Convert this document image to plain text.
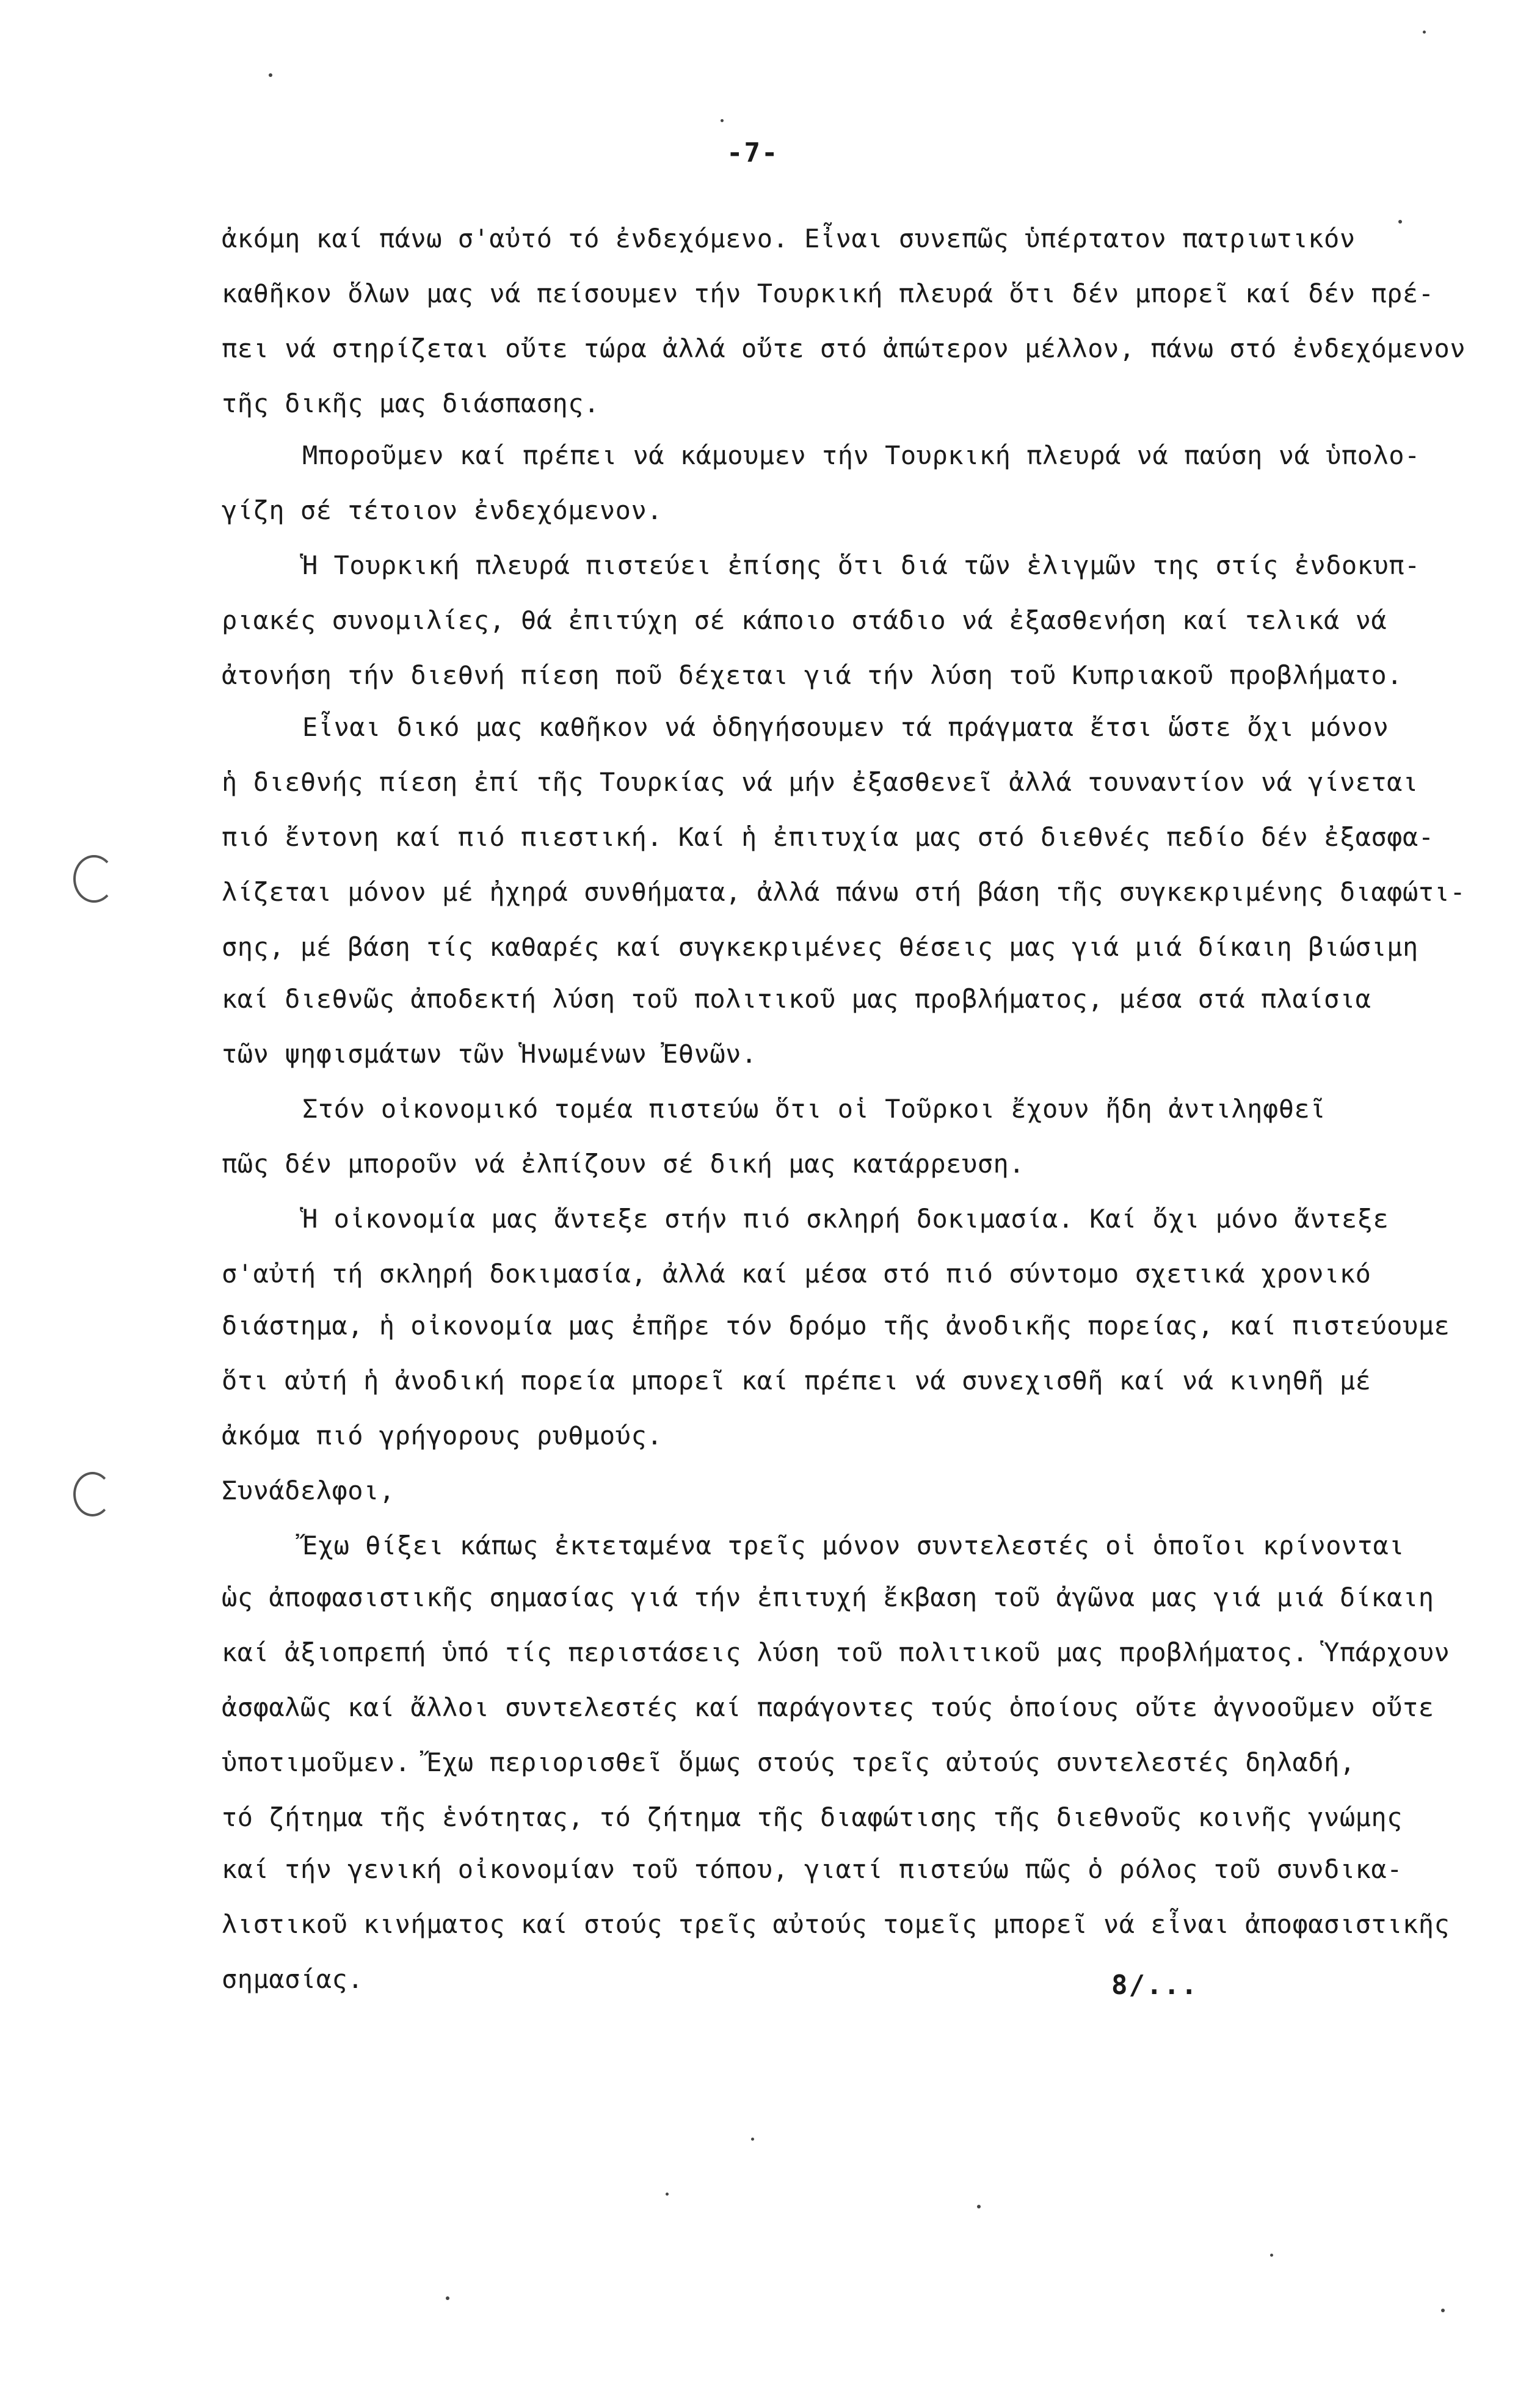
-7-
ἀκόμη καί πάνω σ'αὐτό τό ἐνδεχόμενο. Εἶναι συνεπῶς ὑπέρτατον πατριωτικόν
καθῆκον ὅλων μας νά πείσουμεν τήν Τουρκική πλευρά ὅτι δέν μπορεῖ καί δέν πρέ-
πει νά στηρίζεται οὔτε τώρα ἀλλά οὔτε στό ἀπώτερον μέλλον, πάνω στό ἐνδεχόμενον
τῆς δικῆς μας διάσπασης.
Μποροῦμεν καί πρέπει νά κάμουμεν τήν Τουρκική πλευρά νά παύση νά ὑπολο-
γίζη σέ τέτοιον ἐνδεχόμενον.
Ἡ Τουρκική πλευρά πιστεύει ἐπίσης ὅτι διά τῶν ἑλιγμῶν της στίς ἐνδοκυπ-
ριακές συνομιλίες, θά ἐπιτύχη σέ κάποιο στάδιο νά ἐξασθενήση καί τελικά νά
ἀτονήση τήν διεθνή πίεση ποῦ δέχεται γιά τήν λύση τοῦ Κυπριακοῦ προβλήματο.
Εἶναι δικό μας καθῆκον νά ὁδηγήσουμεν τά πράγματα ἔτσι ὥστε ὄχι μόνον
ἡ διεθνής πίεση ἐπί τῆς Τουρκίας νά μήν ἐξασθενεῖ ἀλλά τουναντίον νά γίνεται
πιό ἔντονη καί πιό πιεστική. Καί ἡ ἐπιτυχία μας στό διεθνές πεδίο δέν ἐξασφα-
λίζεται μόνον μέ ἠχηρά συνθήματα, ἀλλά πάνω στή βάση τῆς συγκεκριμένης διαφώτι-
σης, μέ βάση τίς καθαρές καί συγκεκριμένες θέσεις μας γιά μιά δίκαιη βιώσιμη
καί διεθνῶς ἀποδεκτή λύση τοῦ πολιτικοῦ μας προβλήματος, μέσα στά πλαίσια
τῶν ψηφισμάτων τῶν Ἡνωμένων Ἐθνῶν.
Στόν οἰκονομικό τομέα πιστεύω ὅτι οἱ Τοῦρκοι ἔχουν ἤδη ἀντιληφθεῖ
πῶς δέν μποροῦν νά ἐλπίζουν σέ δική μας κατάρρευση.
Ἡ οἰκονομία μας ἄντεξε στήν πιό σκληρή δοκιμασία. Καί ὄχι μόνο ἄντεξε
σ'αὐτή τή σκληρή δοκιμασία, ἀλλά καί μέσα στό πιό σύντομο σχετικά χρονικό
διάστημα, ἡ οἰκονομία μας ἐπῆρε τόν δρόμο τῆς ἀνοδικῆς πορείας, καί πιστεύουμε
ὅτι αὐτή ἡ ἀνοδική πορεία μπορεῖ καί πρέπει νά συνεχισθῆ καί νά κινηθῆ μέ
ἀκόμα πιό γρήγορους ρυθμούς.
Συνάδελφοι,
Ἔχω θίξει κάπως ἐκτεταμένα τρεῖς μόνον συντελεστές οἱ ὁποῖοι κρίνονται
ὡς ἀποφασιστικῆς σημασίας γιά τήν ἐπιτυχή ἔκβαση τοῦ ἀγῶνα μας γιά μιά δίκαιη
καί ἀξιοπρεπή ὑπό τίς περιστάσεις λύση τοῦ πολιτικοῦ μας προβλήματος. Ὑπάρχουν
ἀσφαλῶς καί ἄλλοι συντελεστές καί παράγοντες τούς ὁποίους οὔτε ἀγνοοῦμεν οὔτε
ὑποτιμοῦμεν. Ἔχω περιορισθεῖ ὅμως στούς τρεῖς αὐτούς συντελεστές δηλαδή,
τό ζήτημα τῆς ἑνότητας, τό ζήτημα τῆς διαφώτισης τῆς διεθνοῦς κοινῆς γνώμης
καί τήν γενική οἰκονομίαν τοῦ τόπου, γιατί πιστεύω πῶς ὁ ρόλος τοῦ συνδικα-
λιστικοῦ κινήματος καί στούς τρεῖς αὐτούς τομεῖς μπορεῖ νά εἶναι ἀποφασιστικῆς
σημασίας.	8/...
